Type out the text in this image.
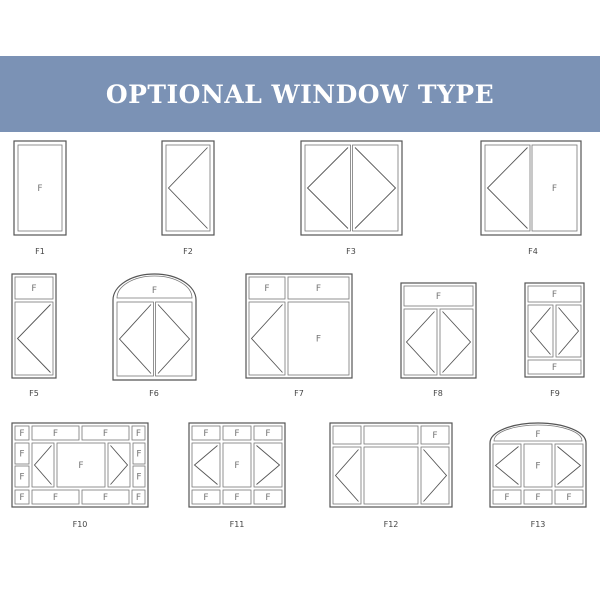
OPTIONAL WINDOW TYPE
F
F1	F2	F3
F
F4
F
F5
F
F6
F	F
F
F7
F
F8
F
F
F9
F	F	F	F
F
F
F
F
F
F	F	F	F
F10
F	F	F
F
F	F	F
F11
F
F12
F
F
F	F	F
F13
